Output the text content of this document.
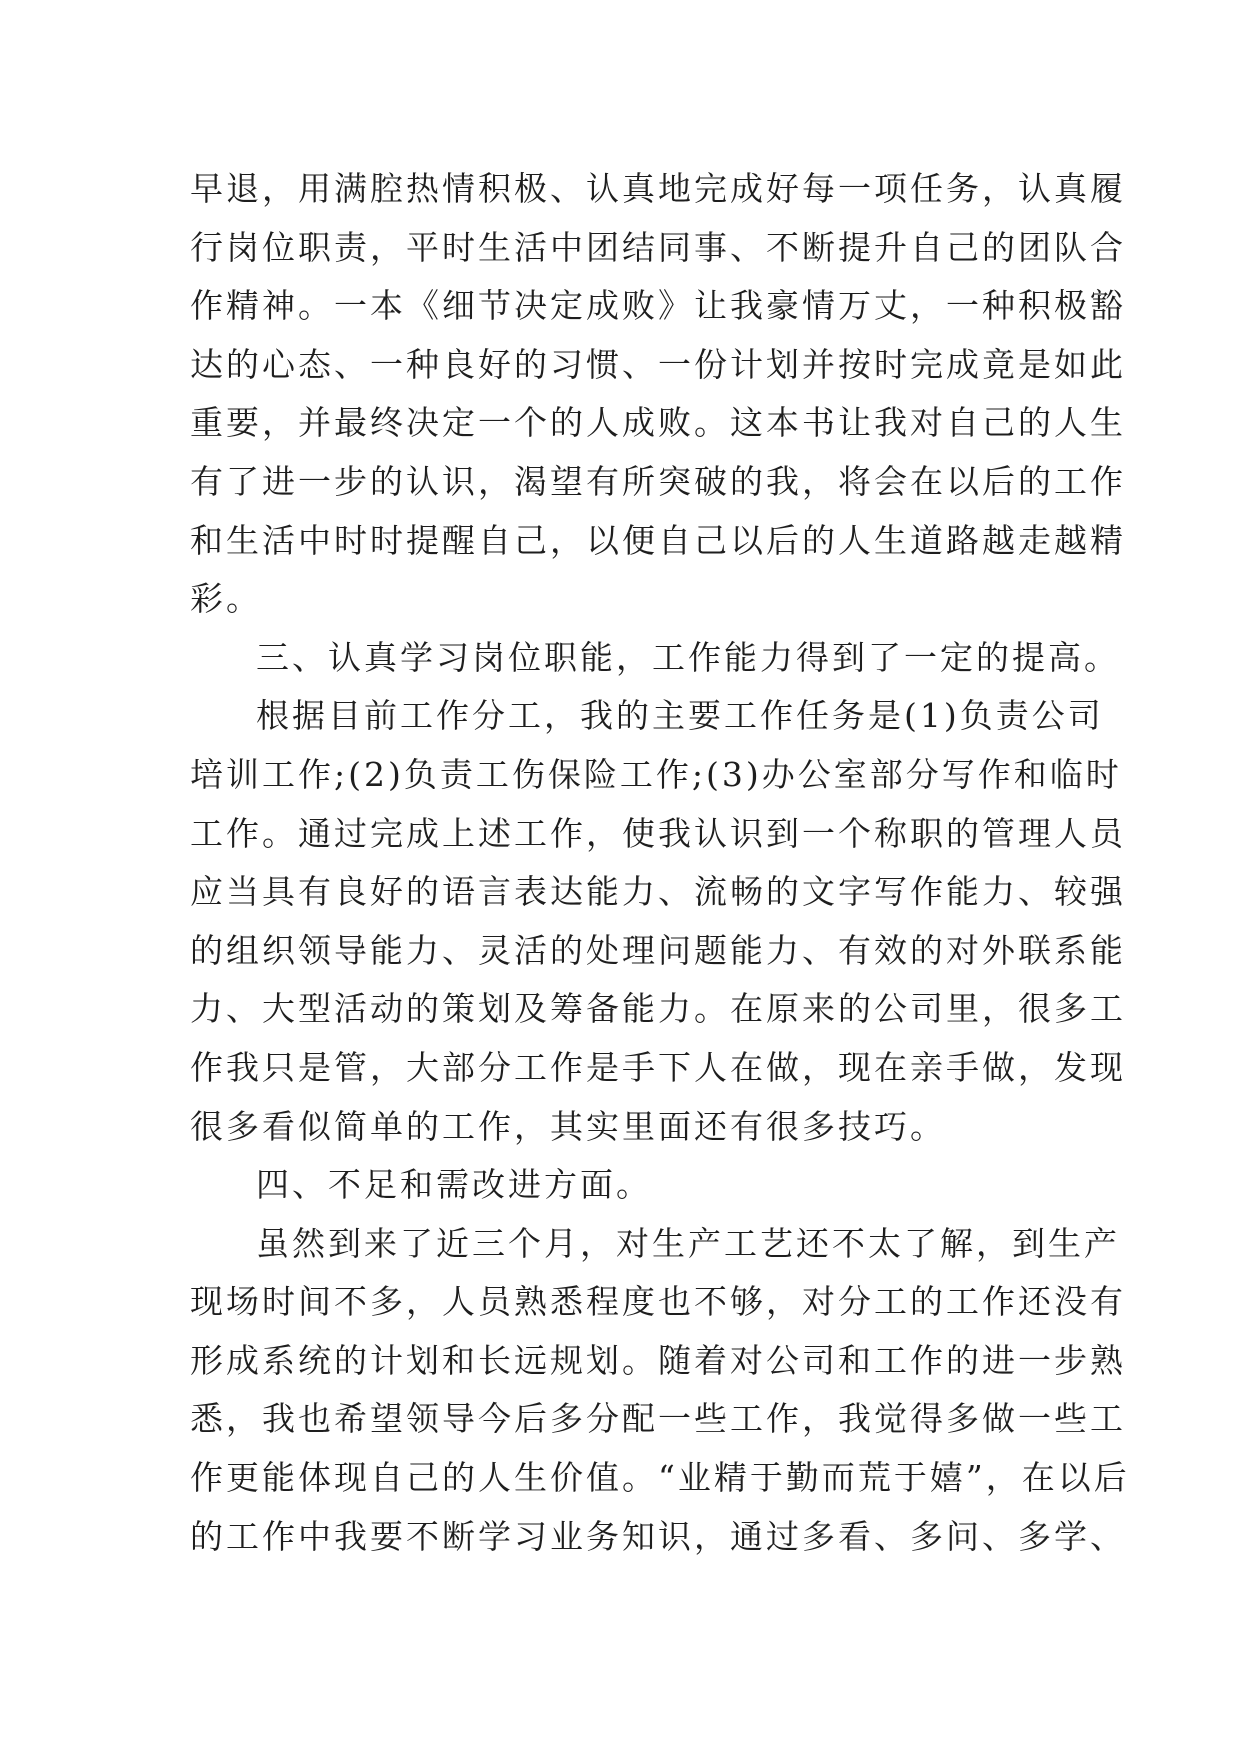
早退，用满腔热情积极、认真地完成好每一项任务，认真履
行岗位职责，平时生活中团结同事、不断提升自己的团队合
作精神。一本《细节决定成败》让我豪情万丈，一种积极豁
达的心态、一种良好的习惯、一份计划并按时完成竟是如此
重要，并最终决定一个的人成败。这本书让我对自己的人生
有了进一步的认识，渴望有所突破的我，将会在以后的工作
和生活中时时提醒自己，以便自己以后的人生道路越走越精
彩。
三、认真学习岗位职能，工作能力得到了一定的提高。
根据目前工作分工，我的主要工作任务是(1)负责公司
培训工作;(2)负责工伤保险工作;(3)办公室部分写作和临时
工作。通过完成上述工作，使我认识到一个称职的管理人员
应当具有良好的语言表达能力、流畅的文字写作能力、较强
的组织领导能力、灵活的处理问题能力、有效的对外联系能
力、大型活动的策划及筹备能力。在原来的公司里，很多工
作我只是管，大部分工作是手下人在做，现在亲手做，发现
很多看似简单的工作，其实里面还有很多技巧。
四、不足和需改进方面。
虽然到来了近三个月，对生产工艺还不太了解，到生产
现场时间不多，人员熟悉程度也不够，对分工的工作还没有
形成系统的计划和长远规划。随着对公司和工作的进一步熟
悉，我也希望领导今后多分配一些工作，我觉得多做一些工
作更能体现自己的人生价值。“业精于勤而荒于嬉”，在以后
的工作中我要不断学习业务知识，通过多看、多问、多学、
